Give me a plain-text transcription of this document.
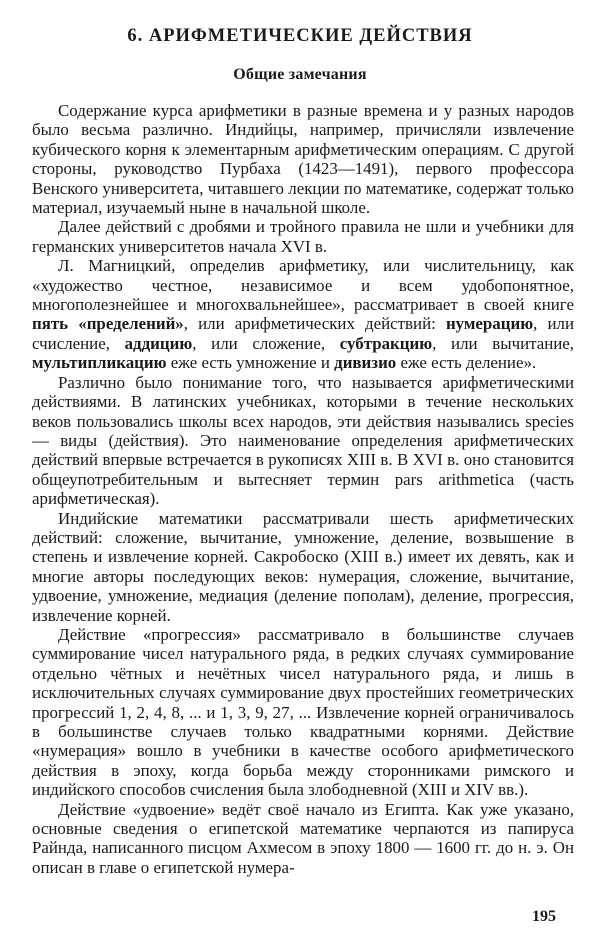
6. АРИФМЕТИЧЕСКИЕ ДЕЙСТВИЯ
Общие замечания

Содержание курса арифметики в разные времена и у разных народов было весьма различно. Индийцы, например, причисляли извлечение кубического корня к элементарным арифметическим операциям. С другой стороны, руководство Пурбаха (1423—1491), первого профессора Венского университета, читавшего лекции по математике, содержат только материал, изучаемый ныне в начальной школе.

Далее действий с дробями и тройного правила не шли и учебники для германских университетов начала XVI в.

Л. Магницкий, определив арифметику, или числительницу, как «художество честное, независимое и всем удобопонятное, многополезнейшее и многохвальнейшее», рассматривает в своей книге пять «пределений», или арифметических действий: нумерацию, или счисление, аддицию, или сложение, субтракцию, или вычитание, мультипликацию еже есть умножение и дивизио еже есть деление».

Различно было понимание того, что называется арифметическими действиями. В латинских учебниках, которыми в течение нескольких веков пользовались школы всех народов, эти действия назывались species — виды (действия). Это наименование определения арифметических действий впервые встречается в рукописях XIII в. В XVI в. оно становится общеупотребительным и вытесняет термин pars arithmetica (часть арифметическая).

Индийские математики рассматривали шесть арифметических действий: сложение, вычитание, умножение, деление, возвышение в степень и извлечение корней. Сакробоско (XIII в.) имеет их девять, как и многие авторы последующих веков: нумерация, сложение, вычитание, удвоение, умножение, медиация (деление пополам), деление, прогрессия, извлечение корней.

Действие «прогрессия» рассматривало в большинстве случаев суммирование чисел натурального ряда, в редких случаях суммирование отдельно чётных и нечётных чисел натурального ряда, и лишь в исключительных случаях суммирование двух простейших геометрических прогрессий 1, 2, 4, 8, ... и 1, 3, 9, 27, ... Извлечение корней ограничивалось в большинстве случаев только квадратными корнями. Действие «нумерация» вошло в учебники в качестве особого арифметического действия в эпоху, когда борьба между сторонниками римского и индийского способов счисления была злободневной (XIII и XIV вв.).

Действие «удвоение» ведёт своё начало из Египта. Как уже указано, основные сведения о египетской математике черпаются из папируса Райнда, написанного писцом Ахмесом в эпоху 1800 — 1600 гг. до н. э. Он описан в главе о египетской нумера-

195
